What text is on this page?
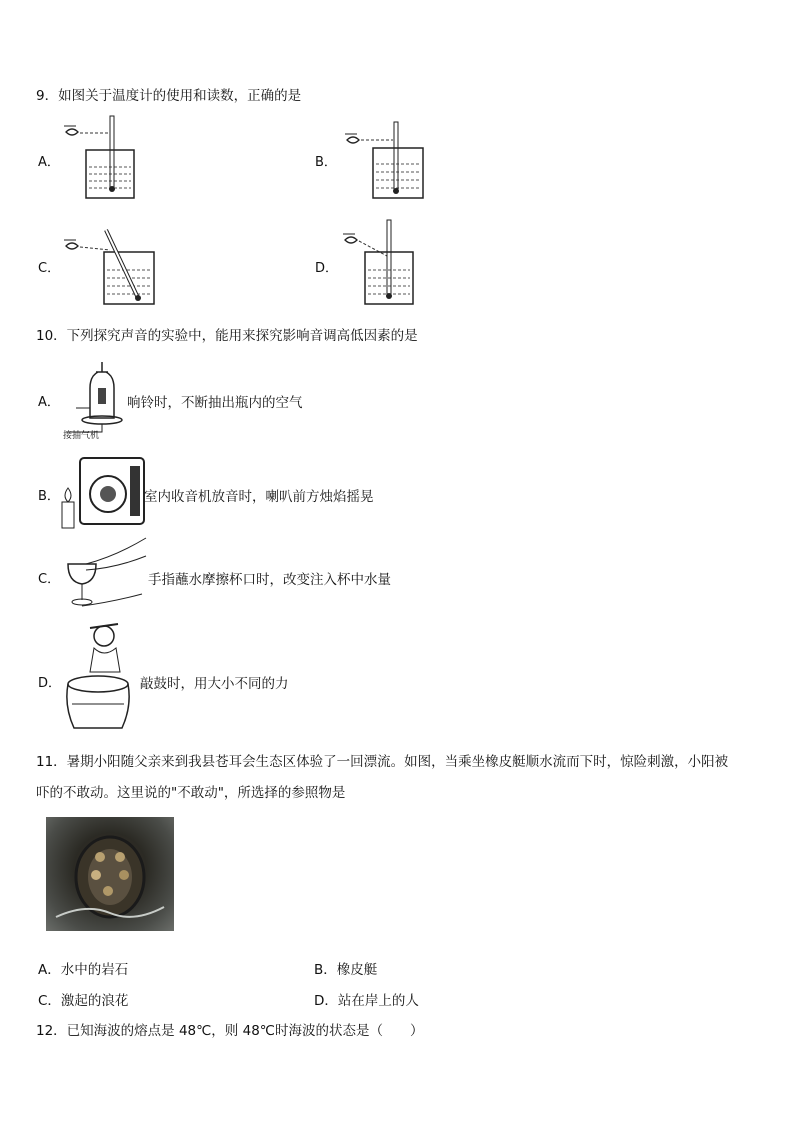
9．如图关于温度计的使用和读数，正确的是
A．	B．
C．	D．
10．下列探究声音的实验中，能用来探究影响音调高低因素的是
A．
接抽气机
响铃时，不断抽出瓶内的空气
B．	室内收音机放音时，喇叭前方烛焰摇晃
C．	手指蘸水摩擦杯口时，改变注入杯中水量
D．	敲鼓时，用大小不同的力
11．暑期小阳随父亲来到我县苍耳会生态区体验了一回漂流。如图，当乘坐橡皮艇顺水流而下时，惊险刺激，小阳被
吓的不敢动。这里说的"不敢动"，所选择的参照物是
A．水中的岩石	B．橡皮艇
C．激起的浪花	D．站在岸上的人
12．已知海波的熔点是 48℃，则 48℃时海波的状态是（　　）
